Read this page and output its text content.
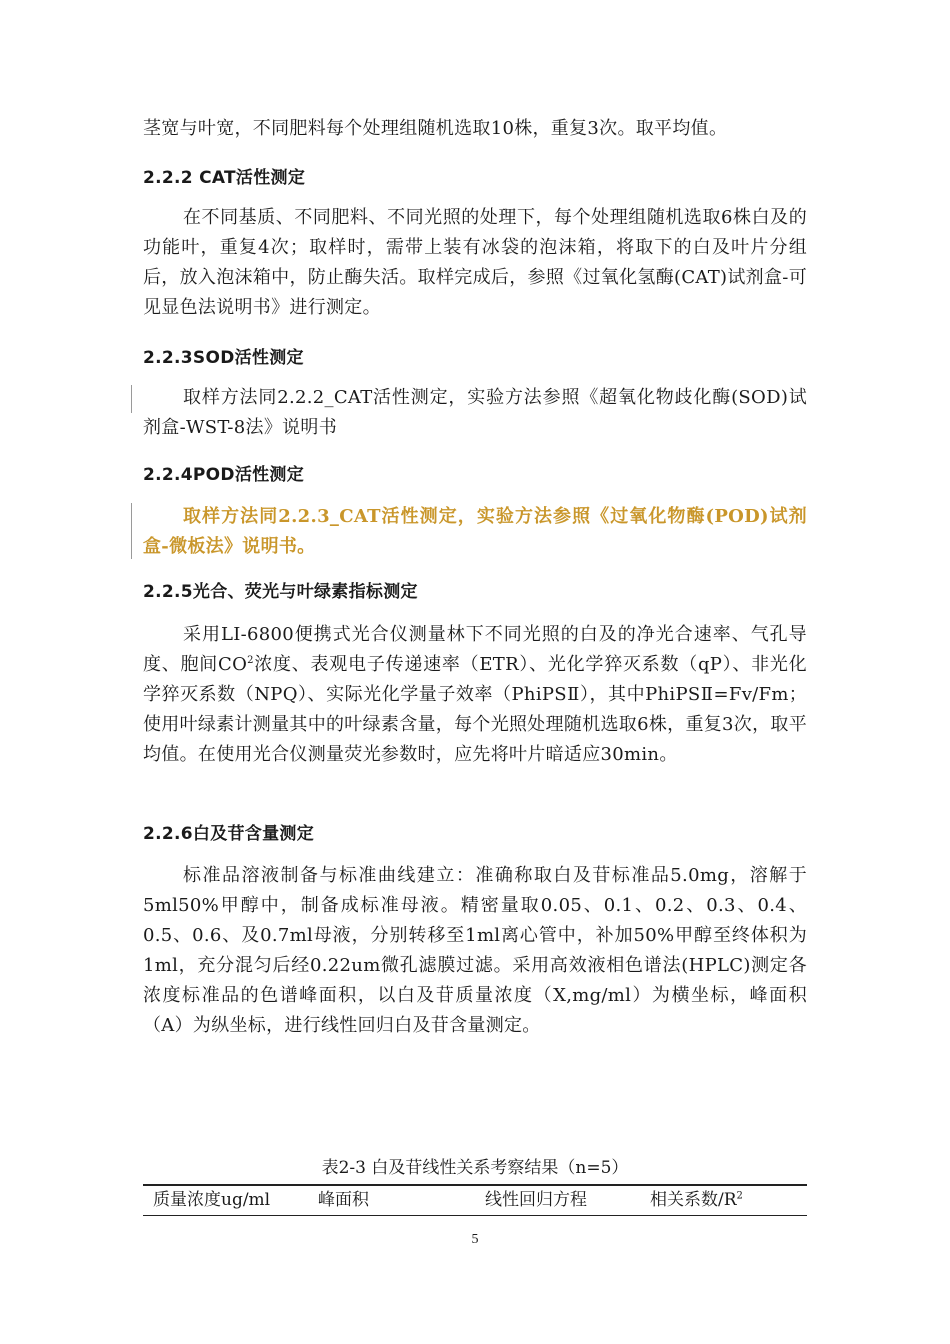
茎宽与叶宽，不同肥料每个处理组随机选取10株，重复3次。取平均值。

2.2.2 CAT活性测定

在不同基质、不同肥料、不同光照的处理下，每个处理组随机选取6株白及的功能叶，重复4次；取样时，需带上装有冰袋的泡沫箱，将取下的白及叶片分组后，放入泡沫箱中，防止酶失活。取样完成后，参照《过氧化氢酶(CAT)试剂盒-可见显色法说明书》进行测定。

2.2.3SOD活性测定

取样方法同2.2.2_CAT活性测定，实验方法参照《超氧化物歧化酶(SOD)试剂盒-WST-8法》说明书

2.2.4POD活性测定

取样方法同2.2.3_CAT活性测定，实验方法参照《过氧化物酶(POD)试剂盒-微板法》说明书。

2.2.5光合、荧光与叶绿素指标测定

采用LI-6800便携式光合仪测量林下不同光照的白及的净光合速率、气孔导度、胞间$CO^2$浓度、表观电子传递速率（ETR）、光化学猝灭系数（qP）、非光化学猝灭系数（NPQ）、实际光化学量子效率（PhiPSⅡ），其中PhiPSⅡ=Fv/Fm；使用叶绿素计测量其中的叶绿素含量，每个光照处理随机选取6株，重复3次，取平均值。在使用光合仪测量荧光参数时，应先将叶片暗适应30min。

2.2.6白及苷含量测定

标准品溶液制备与标准曲线建立：准确称取白及苷标准品5.0mg，溶解于5ml50%甲醇中，制备成标准母液。精密量取0.05、0.1、0.2、0.3、0.4、0.5、0.6、及0.7ml母液，分别转移至1ml离心管中，补加50%甲醇至终体积为1ml，充分混匀后经0.22um微孔滤膜过滤。采用高效液相色谱法(HPLC)测定各浓度标准品的色谱峰面积，以白及苷质量浓度（X,mg/ml）为横坐标，峰面积（A）为纵坐标，进行线性回归白及苷含量测定。

表2-3 白及苷线性关系考察结果（n=5）

质量浓度ug/ml	峰面积	线性回归方程	相关系数$/R^2$
5
